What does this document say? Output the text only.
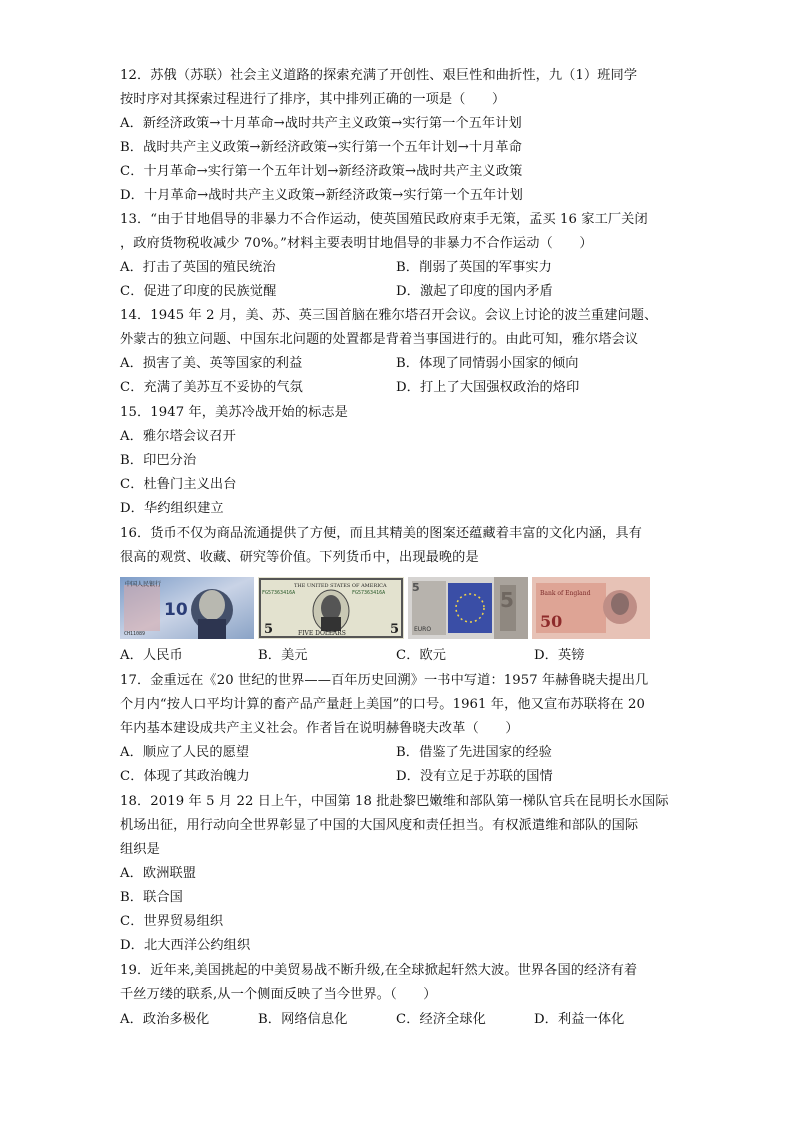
12．苏俄（苏联）社会主义道路的探索充满了开创性、艰巨性和曲折性，九（1）班同学
按时序对其探索过程进行了排序，其中排列正确的一项是（　　）
A．新经济政策→十月革命→战时共产主义政策→实行第一个五年计划
B．战时共产主义政策→新经济政策→实行第一个五年计划→十月革命
C．十月革命→实行第一个五年计划→新经济政策→战时共产主义政策
D．十月革命→战时共产主义政策→新经济政策→实行第一个五年计划
13．“由于甘地倡导的非暴力不合作运动，使英国殖民政府束手无策，孟买 16 家工厂关闭
，政府货物税收减少 70%。”材料主要表明甘地倡导的非暴力不合作运动（　　）
A．打击了英国的殖民统治	B．削弱了英国的军事实力
C．促进了印度的民族觉醒	D．激起了印度的国内矛盾
14．1945 年 2 月，美、苏、英三国首脑在雅尔塔召开会议。会议上讨论的波兰重建问题、
外蒙古的独立问题、中国东北问题的处置都是背着当事国进行的。由此可知，雅尔塔会议
A．损害了美、英等国家的利益	B．体现了同情弱小国家的倾向
C．充满了美苏互不妥协的气氛	D．打上了大国强权政治的烙印
15．1947 年，美苏冷战开始的标志是
A．雅尔塔会议召开
B．印巴分治
C．杜鲁门主义出台
D．华约组织建立
16．货币不仅为商品流通提供了方便，而且其精美的图案还蕴藏着丰富的文化内涵，具有
很高的观赏、收藏、研究等价值。下列货币中，出现最晚的是
中国人民银行
10
CH11089
THE UNITED STATES OF AMERICA
FG57363416A	FG57363416A
5	FIVE DOLLARS	5
5
EURO
5	Bank of England
50
A．人民币	B．美元	C．欧元	D．英镑
17．金重远在《20 世纪的世界——百年历史回溯》一书中写道：1957 年赫鲁晓夫提出几
个月内“按人口平均计算的畜产品产量赶上美国”的口号。1961 年，他又宣布苏联将在 20
年内基本建设成共产主义社会。作者旨在说明赫鲁晓夫改革（　　）
A．顺应了人民的愿望	B．借鉴了先进国家的经验
C．体现了其政治魄力	D．没有立足于苏联的国情
18．2019 年 5 月 22 日上午，中国第 18 批赴黎巴嫩维和部队第一梯队官兵在昆明长水国际
机场出征，用行动向全世界彰显了中国的大国风度和责任担当。有权派遣维和部队的国际
组织是
A．欧洲联盟
B．联合国
C．世界贸易组织
D．北大西洋公约组织
19．近年来,美国挑起的中美贸易战不断升级,在全球掀起轩然大波。世界各国的经济有着
千丝万缕的联系,从一个侧面反映了当今世界。（　　）
A．政治多极化	B．网络信息化	C．经济全球化	D．利益一体化
